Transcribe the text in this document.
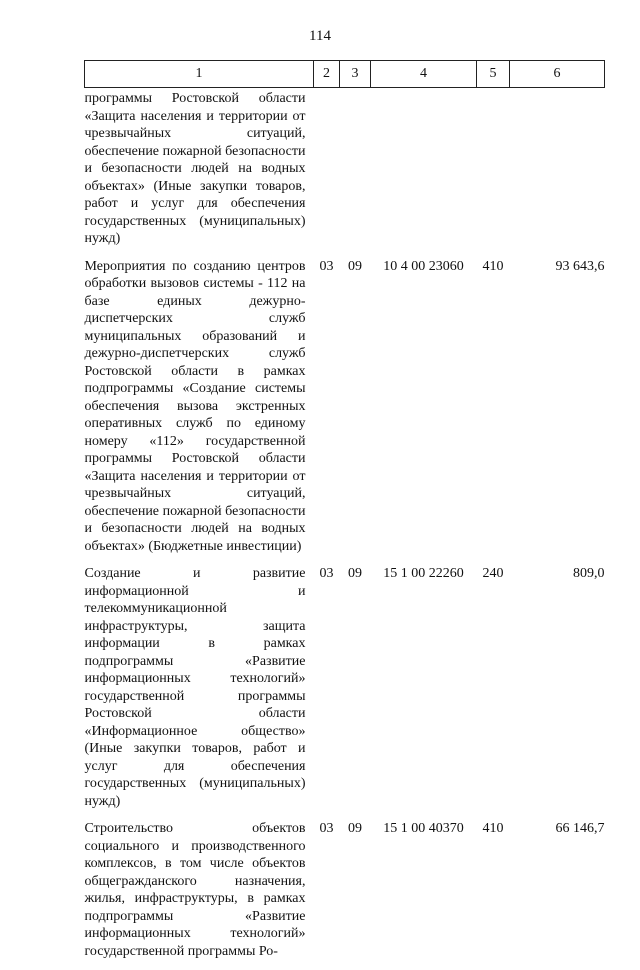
114
1	2	3	4	5	6
программы Ростовской области «Защита населения и территории от чрезвычайных ситуаций, обеспечение пожарной безопасности и безопасности людей на водных объектах» (Иные закупки товаров, работ и услуг для обеспечения государственных (муниципальных) нужд)					
Мероприятия по созданию центров обработки вызовов системы - 112 на базе единых дежурно-диспетчерских служб муниципальных образований и дежурно-диспетчерских служб Ростовской области в рамках подпрограммы «Создание системы обеспечения вызова экстренных оперативных служб по единому номеру «112» государственной программы Ростовской области «Защита населения и территории от чрезвычайных ситуаций, обеспечение пожарной безопасности и безопасности людей на водных объектах» (Бюджетные инвестиции)	03	09	10 4 00 23060	410	93 643,6
Создание и развитие информационной и телекоммуникационной инфраструктуры, защита информации в рамках подпрограммы «Развитие информационных технологий» государственной программы Ростовской области «Информационное общество» (Иные закупки товаров, работ и услуг для обеспечения государственных (муниципальных) нужд)	03	09	15 1 00 22260	240	809,0
Строительство объектов социального и производственного комплексов, в том числе объектов общегражданского назначения, жилья, инфраструктуры, в рамках подпрограммы «Развитие информационных технологий» государственной программы Ро-	03	09	15 1 00 40370	410	66 146,7
